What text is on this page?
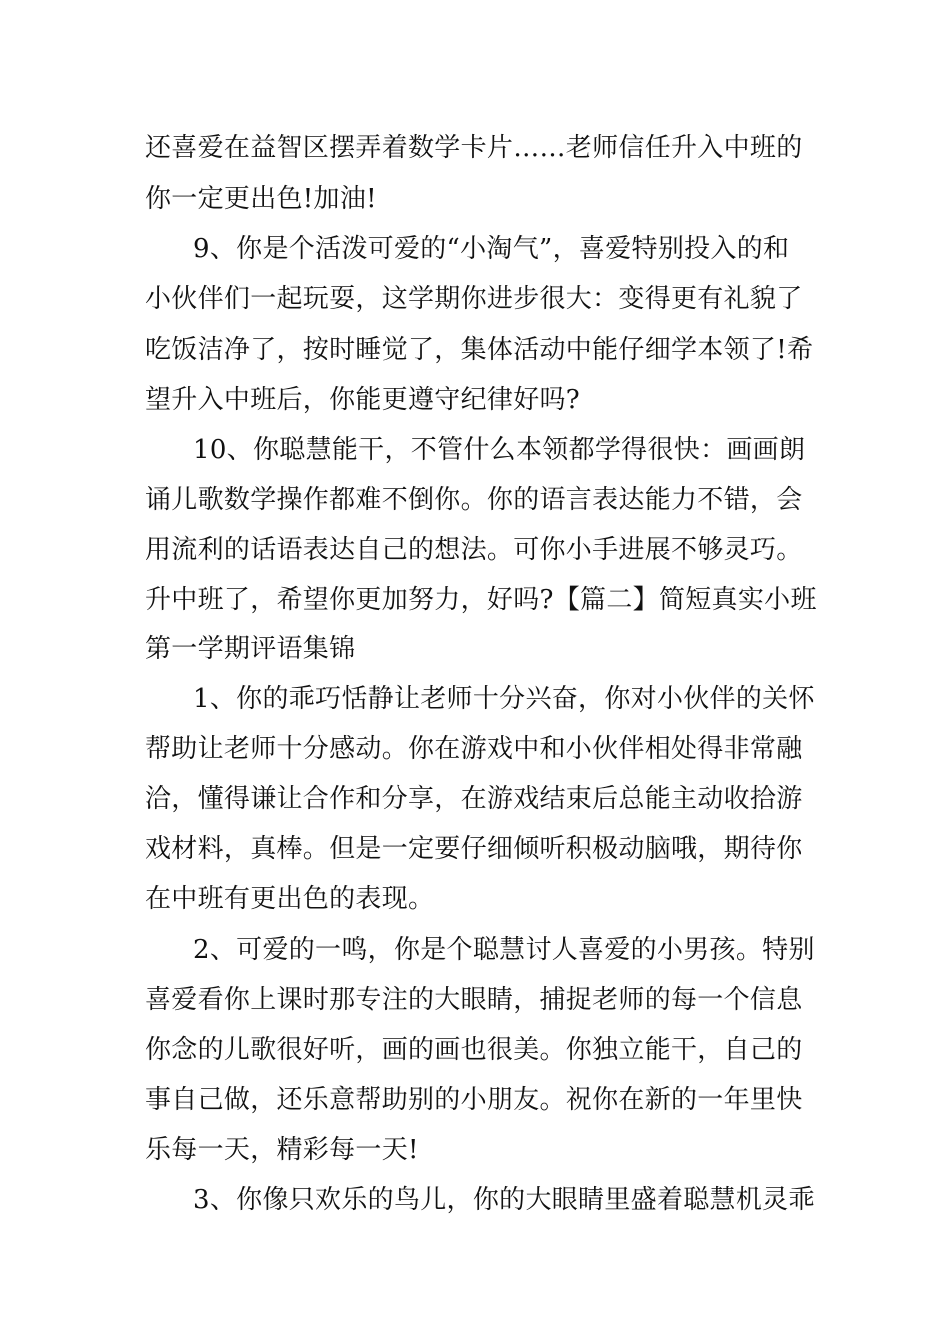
还喜爱在益智区摆弄着数学卡片……老师信任升入中班的
你一定更出色!加油!
9、你是个活泼可爱的“小淘气”，喜爱特别投入的和
小伙伴们一起玩耍，这学期你进步很大：变得更有礼貌了
吃饭洁净了，按时睡觉了，集体活动中能仔细学本领了!希
望升入中班后，你能更遵守纪律好吗?
10、你聪慧能干，不管什么本领都学得很快：画画朗
诵儿歌数学操作都难不倒你。你的语言表达能力不错，会
用流利的话语表达自己的想法。可你小手进展不够灵巧。
升中班了，希望你更加努力，好吗?【篇二】简短真实小班
第一学期评语集锦
1、你的乖巧恬静让老师十分兴奋，你对小伙伴的关怀
帮助让老师十分感动。你在游戏中和小伙伴相处得非常融
洽，懂得谦让合作和分享，在游戏结束后总能主动收拾游
戏材料，真棒。但是一定要仔细倾听积极动脑哦，期待你
在中班有更出色的表现。
2、可爱的一鸣，你是个聪慧讨人喜爱的小男孩。特别
喜爱看你上课时那专注的大眼睛，捕捉老师的每一个信息
你念的儿歌很好听，画的画也很美。你独立能干，自己的
事自己做，还乐意帮助别的小朋友。祝你在新的一年里快
乐每一天，精彩每一天!
3、你像只欢乐的鸟儿，你的大眼睛里盛着聪慧机灵乖
